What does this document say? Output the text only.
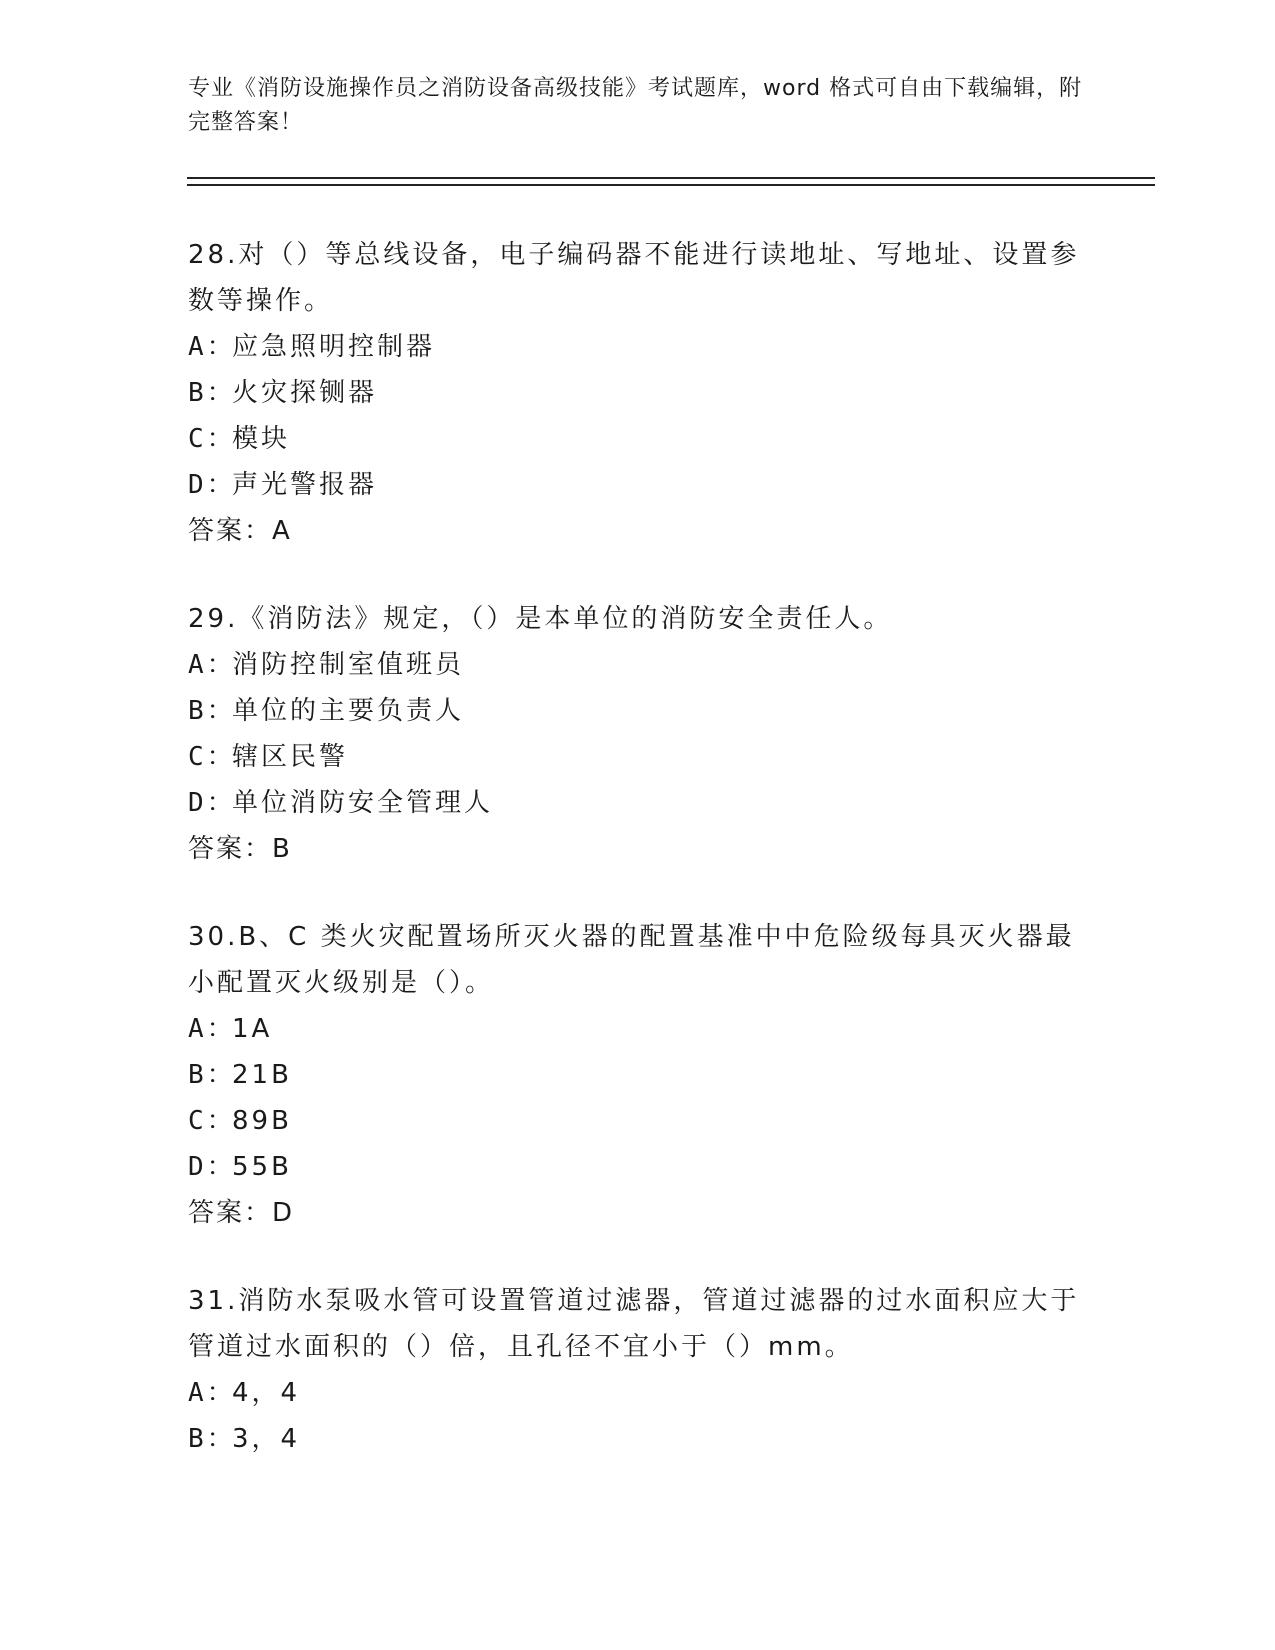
专业《消防设施操作员之消防设备高级技能》考试题库，word 格式可自由下载编辑，附完整答案！

28.对（）等总线设备，电子编码器不能进行读地址、写地址、设置参数等操作。

A：应急照明控制器

B：火灾探铡器

C：模块

D：声光警报器

答案：A

29.《消防法》规定，（）是本单位的消防安全责任人。

A：消防控制室值班员

B：单位的主要负责人

C：辖区民警

D：单位消防安全管理人

答案：B

30.B、C 类火灾配置场所灭火器的配置基准中中危险级每具灭火器最小配置灭火级别是（）。

A：1A

B：21B

C：89B

D：55B

答案：D

31.消防水泵吸水管可设置管道过滤器，管道过滤器的过水面积应大于管道过水面积的（）倍，且孔径不宜小于（）mm。

A：4，4

B：3，4
